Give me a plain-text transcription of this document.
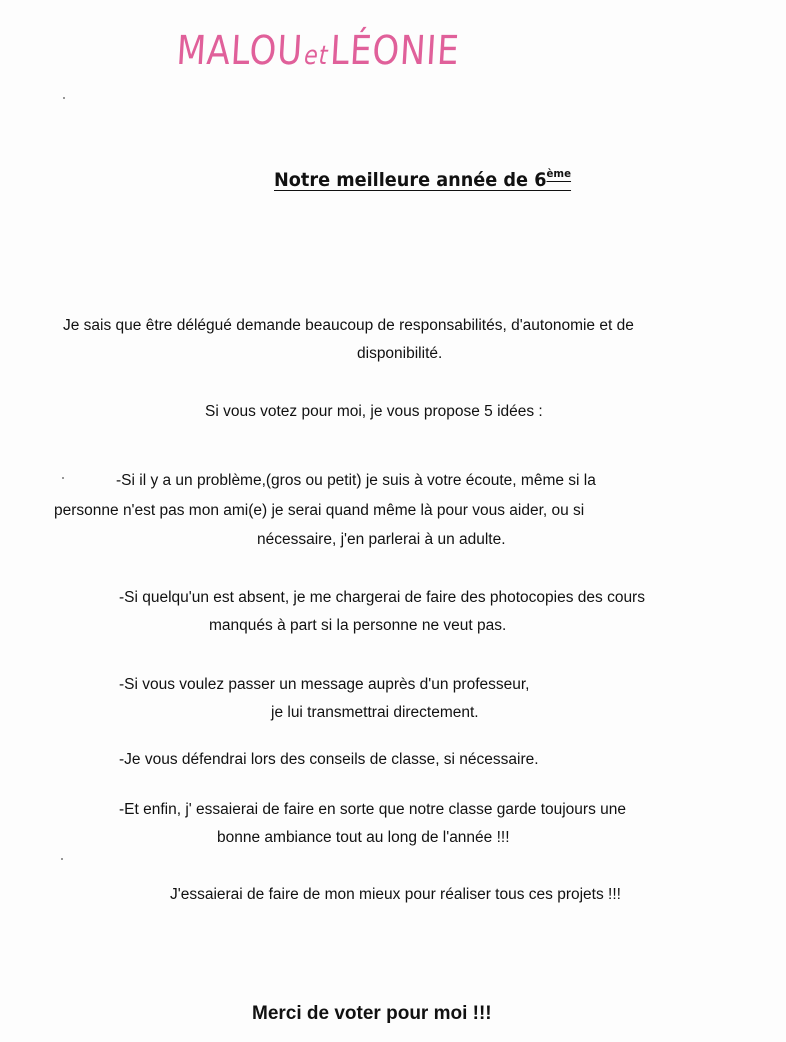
MALOUetLÉONIE
Notre meilleure année de 6ème
Je sais que être délégué demande beaucoup de responsabilités, d'autonomie et de
disponibilité.
Si vous votez pour moi, je vous propose 5 idées :
-Si il y a un problème,(gros ou petit) je suis à votre écoute, même si la
personne n'est pas mon ami(e) je serai quand même là pour vous aider, ou si
nécessaire, j'en parlerai à un adulte.
-Si quelqu'un est absent, je me chargerai de faire des photocopies des cours
manqués à part si la personne ne veut pas.
-Si vous voulez passer un message auprès d'un professeur,
je lui transmettrai directement.
-Je vous défendrai lors des conseils de classe, si nécessaire.
-Et enfin, j' essaierai de faire en sorte que notre classe garde toujours une
bonne ambiance tout au long de l'année !!!
J'essaierai de faire de mon mieux pour réaliser tous ces projets !!!
Merci de voter pour moi !!!
